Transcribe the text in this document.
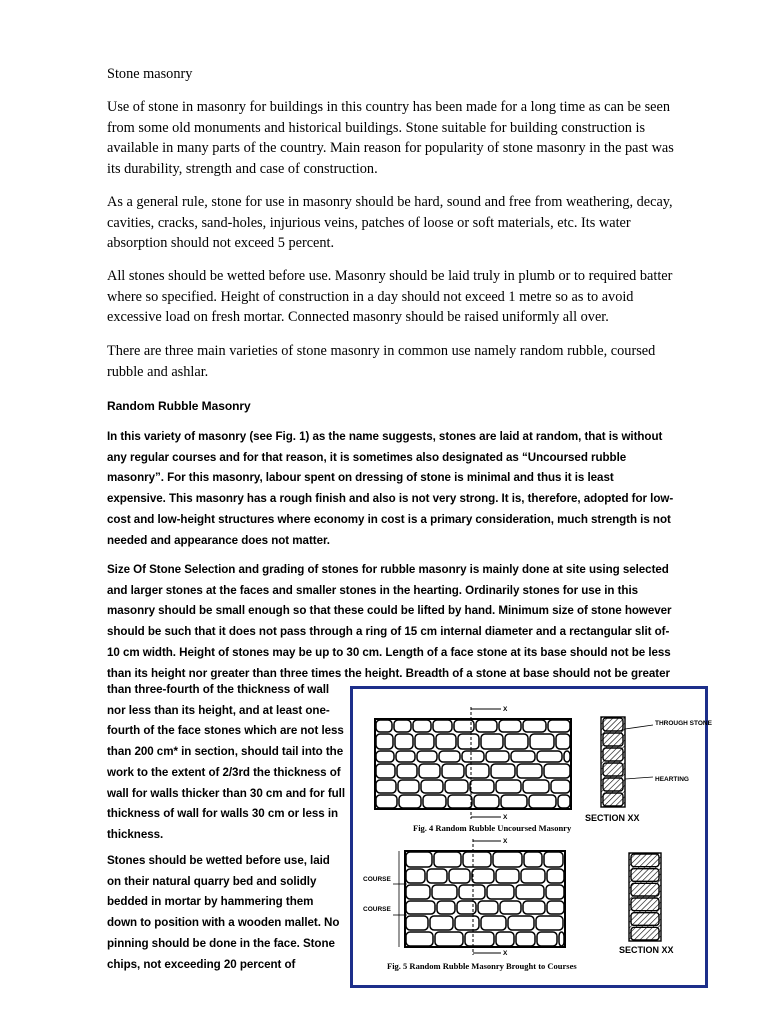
Stone masonry

Use of stone in masonry for buildings in this country has been made for a long time as can be seen from some old monuments and historical buildings. Stone suitable for building construction is available in many parts of the country. Main reason for popularity of stone masonry in the past was its durability, strength and case of construction.

As a general rule, stone for use in masonry should be hard, sound and free from weathering, decay, cavities, cracks, sand-holes, injurious veins, patches of loose or soft materials, etc. Its water absorption should not exceed 5 percent.

All stones should be wetted before use. Masonry should be laid truly in plumb or to required batter where so specified. Height of construction in a day should not exceed 1 metre so as to avoid excessive load on fresh mortar. Connected masonry should be raised uniformly all over.

There are three main varieties of stone masonry in common use namely random rubble, coursed rubble and ashlar.

Random Rubble Masonry

In this variety of masonry (see Fig. 1) as the name suggests, stones are laid at random, that is without any regular courses and for that reason, it is sometimes also designated as “Uncoursed rubble masonry”. For this masonry, labour spent on dressing of stone is minimal and thus it is least expensive. This masonry has a rough finish and also is not very strong. It is, therefore, adopted for low-cost and low-height structures where economy in cost is a primary consideration, much strength is not needed and appearance does not matter.

Size Of Stone Selection and grading of stones for rubble masonry is mainly done at site using selected and larger stones at the faces and smaller stones in the hearting. Ordinarily stones for use in this masonry should be small enough so that these could be lifted by hand. Minimum size of stone however should be such that it does not pass through a ring of 15 cm internal diameter and a rectangular slit of-10 cm width. Height of stones may be up to 30 cm. Length of a face stone at its base should not be less than its height nor greater than three times the height. Breadth of a stone at base should not be greater

than three-fourth of the thickness of wall nor less than its height, and at least one-fourth of the face stones which are not less than 200 cm* in section, should tail into the work to the extent of 2/3rd the thickness of wall for walls thicker than 30 cm and for full thickness of wall for walls 30 cm or less in thickness.

Stones should be wetted before use, laid on their natural quarry bed and solidly bedded in mortar by hammering them down to position with a wooden mallet. No pinning should be done in the face. Stone chips, not exceeding 20 percent of

X
X
THROUGH STONE
HEARTING
SECTION XX
Fig. 4 Random Rubble Uncoursed Masonry
X
X
COURSE
COURSE
SECTION XX
Fig. 5 Random Rubble Masonry Brought to Courses
